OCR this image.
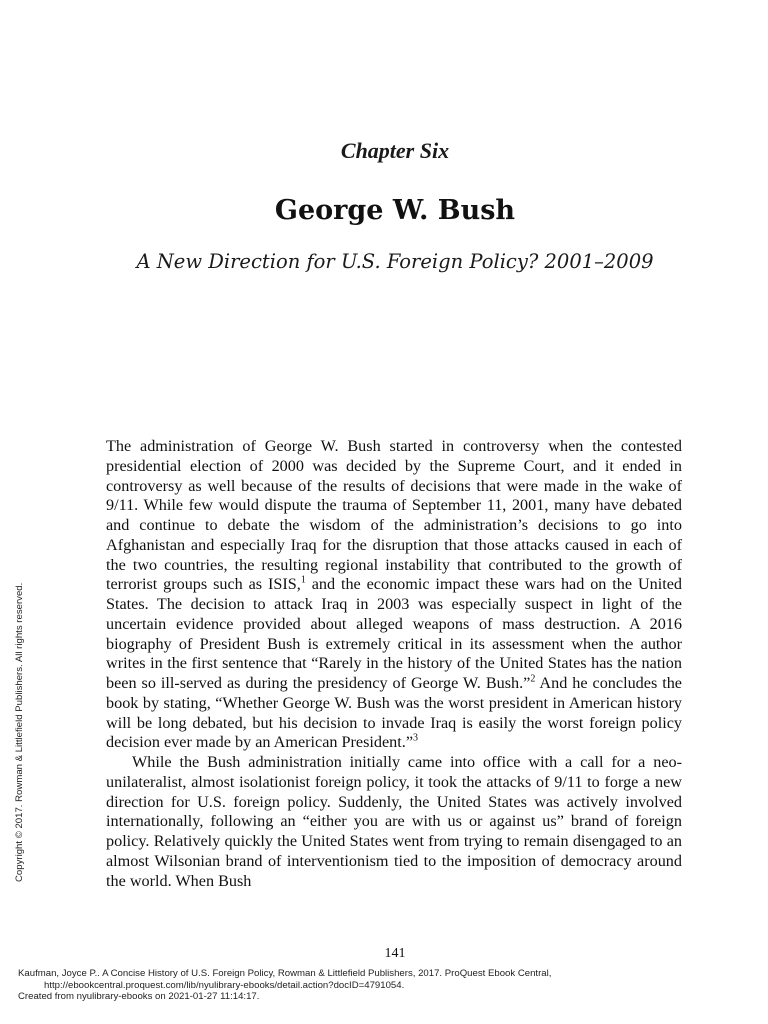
Chapter Six
George W. Bush
A New Direction for U.S. Foreign Policy? 2001–2009

The administration of George W. Bush started in controversy when the contested presidential election of 2000 was decided by the Supreme Court, and it ended in controversy as well because of the results of decisions that were made in the wake of 9/11. While few would dispute the trauma of September 11, 2001, many have debated and continue to debate the wisdom of the administration’s decisions to go into Afghanistan and especially Iraq for the disruption that those attacks caused in each of the two countries, the resulting regional instability that contributed to the growth of terrorist groups such as ISIS,$^1$ and the economic impact these wars had on the United States. The decision to attack Iraq in 2003 was especially suspect in light of the uncertain evidence provided about alleged weapons of mass destruction. A 2016 biography of President Bush is extremely critical in its assessment when the author writes in the first sentence that “Rarely in the history of the United States has the nation been so ill-served as during the presidency of George W. Bush.”$^2$ And he concludes the book by stating, “Whether George W. Bush was the worst president in American history will be long debated, but his decision to invade Iraq is easily the worst foreign policy decision ever made by an American President.”$^3$

While the Bush administration initially came into office with a call for a neo-unilateralist, almost isolationist foreign policy, it took the attacks of 9/11 to forge a new direction for U.S. foreign policy. Suddenly, the United States was actively involved internationally, following an “either you are with us or against us” brand of foreign policy. Relatively quickly the United States went from trying to remain disengaged to an almost Wilsonian brand of interventionism tied to the imposition of democracy around the world. When Bush

141
Copyright © 2017. Rowman & Littlefield Publishers. All rights reserved.
Kaufman, Joyce P.. A Concise History of U.S. Foreign Policy, Rowman & Littlefield Publishers, 2017. ProQuest Ebook Central,
http://ebookcentral.proquest.com/lib/nyulibrary-ebooks/detail.action?docID=4791054.
Created from nyulibrary-ebooks on 2021-01-27 11:14:17.
